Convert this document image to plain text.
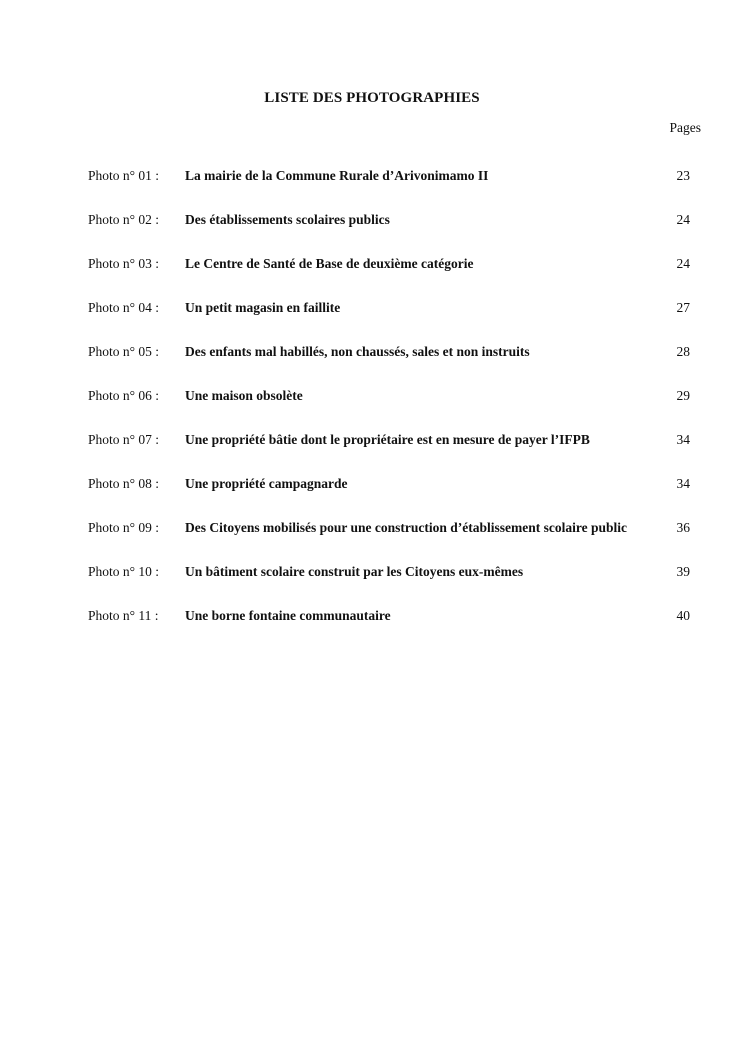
LISTE DES PHOTOGRAPHIES
Pages
Photo n° 01 :	La mairie de la Commune Rurale d’Arivonimamo II	23
Photo n° 02 :	Des établissements scolaires publics	24
Photo n° 03 :	Le Centre de Santé de Base de deuxième catégorie	24
Photo n° 04 :	Un petit magasin en faillite	27
Photo n° 05 :	Des enfants mal habillés, non chaussés, sales et non instruits	28
Photo n° 06 :	Une maison obsolète	29
Photo n° 07 :	Une propriété bâtie dont le propriétaire est en mesure de payer l’IFPB	34
Photo n° 08 :	Une propriété campagnarde	34
Photo n° 09 :	Des Citoyens mobilisés pour une construction d’établissement scolaire public	36
Photo n° 10 :	Un bâtiment scolaire construit par les Citoyens eux-mêmes	39
Photo n° 11 :	Une borne fontaine communautaire	40
